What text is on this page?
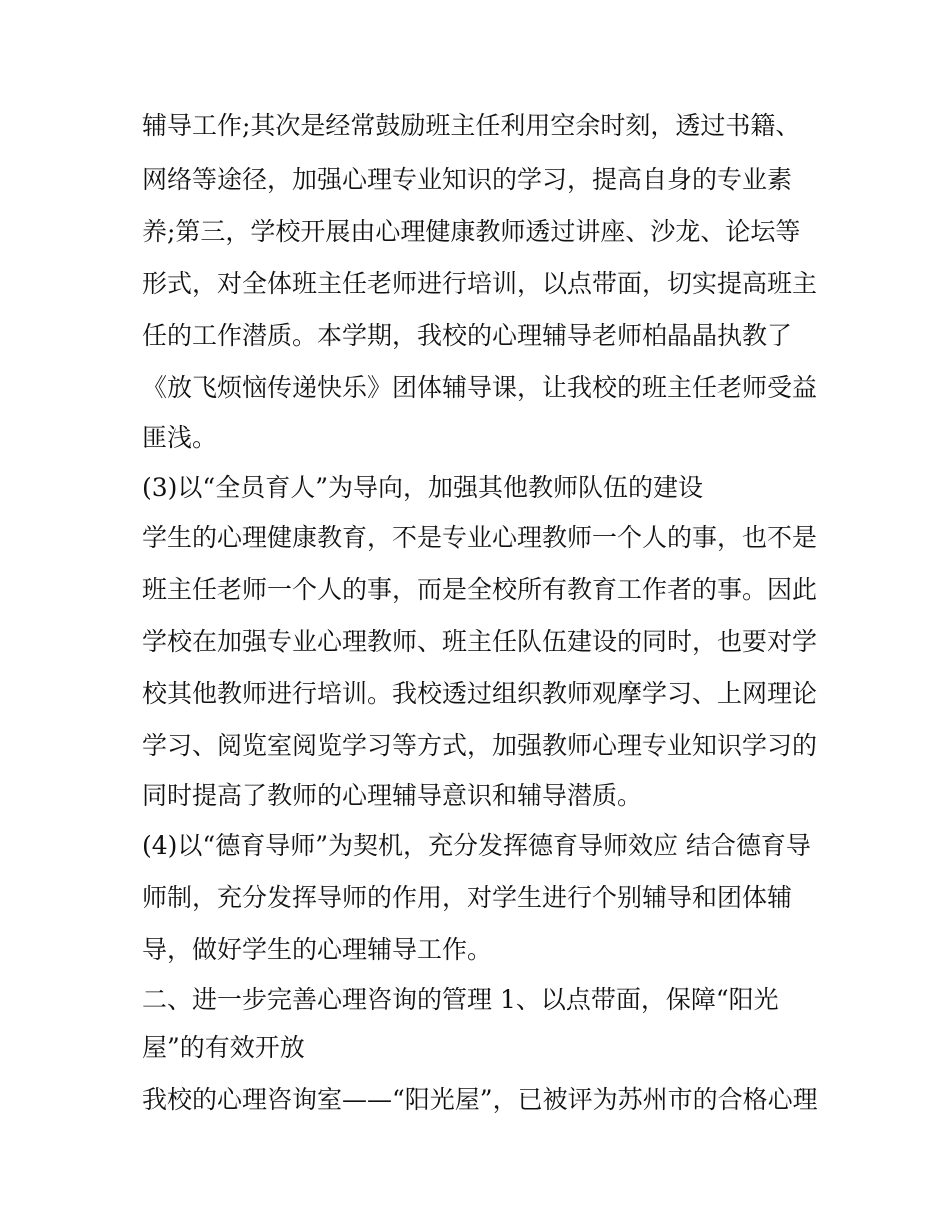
辅导工作;其次是经常鼓励班主任利用空余时刻，透过书籍、
网络等途径，加强心理专业知识的学习，提高自身的专业素
养;第三，学校开展由心理健康教师透过讲座、沙龙、论坛等
形式，对全体班主任老师进行培训，以点带面，切实提高班主
任的工作潜质。本学期，我校的心理辅导老师柏晶晶执教了
《放飞烦恼传递快乐》团体辅导课，让我校的班主任老师受益
匪浅。
(3)以“全员育人”为导向，加强其他教师队伍的建设
学生的心理健康教育，不是专业心理教师一个人的事，也不是
班主任老师一个人的事，而是全校所有教育工作者的事。因此
学校在加强专业心理教师、班主任队伍建设的同时，也要对学
校其他教师进行培训。我校透过组织教师观摩学习、上网理论
学习、阅览室阅览学习等方式，加强教师心理专业知识学习的
同时提高了教师的心理辅导意识和辅导潜质。
(4)以“德育导师”为契机，充分发挥德育导师效应 结合德育导
师制，充分发挥导师的作用，对学生进行个别辅导和团体辅
导，做好学生的心理辅导工作。
二、进一步完善心理咨询的管理 1、以点带面，保障“阳光
屋”的有效开放
我校的心理咨询室——“阳光屋”，已被评为苏州市的合格心理
